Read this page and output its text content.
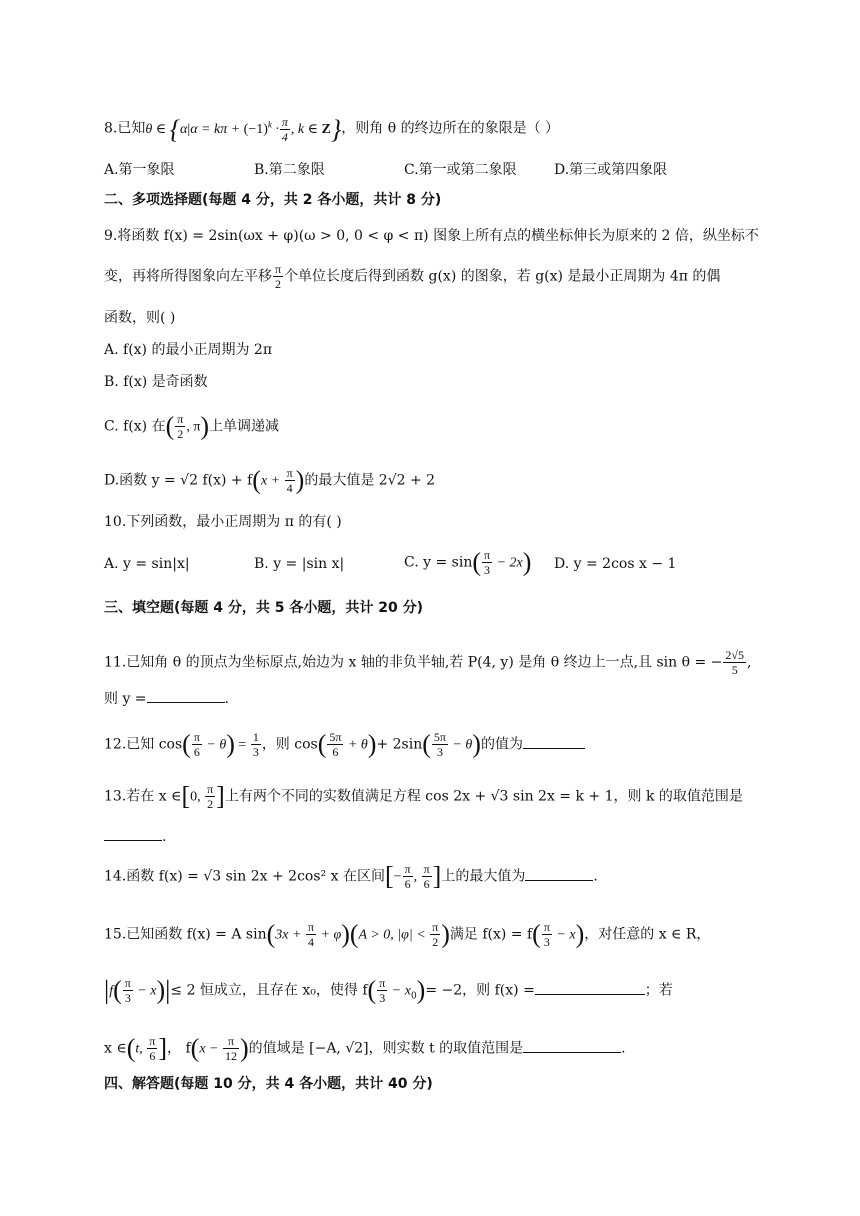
8.已知θ ∈ {$\alpha|\alpha = k\pi + (-1)^k \cdot \frac{\pi}{4}$ , k ∈ Z}，则角 θ 的终边所在的象限是（ ）
A.第一象限	B.第二象限	C.第一或第二象限	D.第三或第四象限
二、多项选择题(每题 4 分，共 2 各小题，共计 8 分)
9.将函数 f(x) = 2sin(ωx + φ)(ω > 0, 0 < φ < π) 图象上所有点的横坐标伸长为原来的 2 倍，纵坐标不
变，再将所得图象向左平移 $\frac{\pi}{2}$ 个单位长度后得到函数 g(x) 的图象，若 g(x) 是最小正周期为 4π 的偶
函数，则( )
A. f(x) 的最小正周期为 2π
B. f(x) 是奇函数
C. f(x) 在( $\frac{\pi}{2}$ , π)上单调递减
D.函数 y = √2 $f(x) + f(x + \frac{\pi}{4}$ )的最大值是 2√2 + 2
10.下列函数，最小正周期为 π 的有( )
A. y = sin|x|	B. y = |sin x|	C. $y = \sin( \frac{\pi}{3} - 2x)$ D. y = 2cos x − 1
三、填空题(每题 4 分，共 5 各小题，共计 20 分)
11.已知角 θ 的顶点为坐标原点,始边为 x 轴的非负半轴,若 P(4, y) 是角 θ 终边上一点,且 sin θ = − $\frac{2√5}{5}$ ,
则 y =	.
12.已知 $\cos( \frac{\pi}{6} - \theta) = \frac{1}{3}$ ，则 $\cos( \frac{5\pi}{6} + \theta)+ 2\sin( \frac{5\pi}{3} - \theta)$的值为
13.若在 x ∈[0, $\frac{\pi}{2}$ ]上有两个不同的实数值满足方程 cos 2x + √3 sin 2x = k + 1，则 k 的取值范围是
.
14.函数 f(x) = √3 sin 2x + 2cos² x 在区间[− $\frac{\pi}{6}$ , $\frac{\pi}{6}$ ]上的最大值为	.
15.已知函数 f(x) = A $\sin(3x + \frac{\pi}{4} + \varphi)(A > 0$, $|\varphi| < \frac{\pi}{2}$ )满足 $f(x) = f( \frac{\pi}{3} - x)$，对任意的 x ∈ R，
$|f( \frac{\pi}{3} - x)|\le 2$ 恒成立，且存在 x₀，使得 $f( \frac{\pi}{3} - x_0)= -2$，则 f(x) =	；若
x ∈(t, $\frac{\pi}{6}$ ]， $f(x - \frac{\pi}{12}$ )的值域是 [−A, √2]，则实数 t 的取值范围是	.
四、解答题(每题 10 分，共 4 各小题，共计 40 分)
